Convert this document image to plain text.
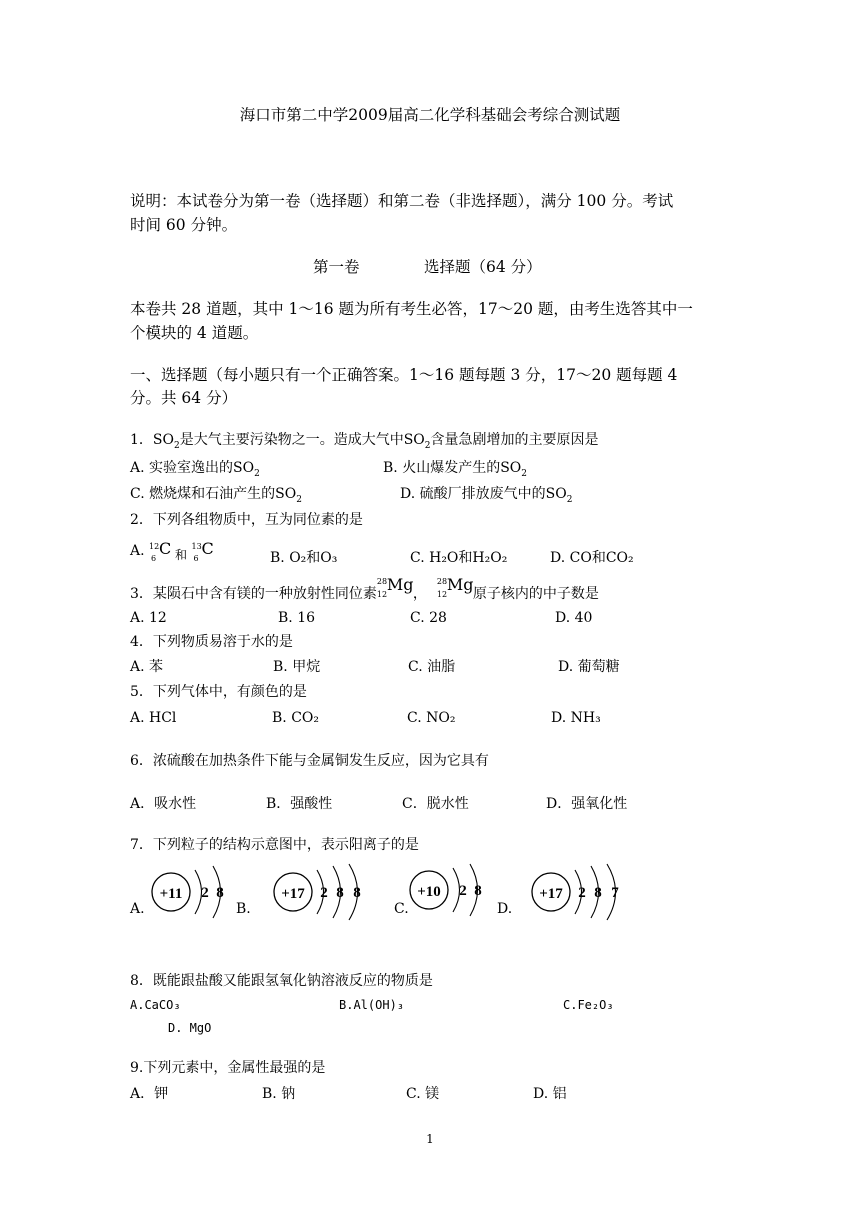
海口市第二中学2009届高二化学科基础会考综合测试题
说明：本试卷分为第一卷（选择题）和第二卷（非选择题），满分 100 分。考试
时间 60 分钟。
第一卷	选择题（64 分）
本卷共 28 道题，其中 1～16 题为所有考生必答，17～20 题，由考生选答其中一
个模块的 4 道题。
一、选择题（每小题只有一个正确答案。1～16 题每题 3 分，17～20 题每题 4
分。共 64 分）
1．$SO_2$是大气主要污染物之一。造成大气中$SO_2$含量急剧增加的主要原因是
A. 实验室逸出的$SO_2$	B. 火山爆发产生的$SO_2$
C. 燃烧煤和石油产生的$SO_2$	D. 硫酸厂排放废气中的$SO_2$
2．下列各组物质中，互为同位素的是
A. 12
6
C 和
13
6
C	B. O₂和O₃	C. H₂O和H₂O₂	D. CO和CO₂
3．某陨石中含有镁的一种放射性同位素
28
12
Mg ，
28
12
Mg 原子核内的中子数是
A. 12	B. 16	C. 28	D. 40
4．下列物质易溶于水的是
A. 苯	B. 甲烷	C. 油脂	D. 葡萄糖
5．下列气体中，有颜色的是
A. HCl	B. CO₂	C. NO₂	D. NH₃
6．浓硫酸在加热条件下能与金属铜发生反应，因为它具有
A．吸水性	B．强酸性	C．脱水性	D．强氧化性
7．下列粒子的结构示意图中，表示阳离子的是
A.	B.	C.	D.
+11 2 8	+17 2 8 8	+10 2 8	+17 2 8 7
8．既能跟盐酸又能跟氢氧化钠溶液反应的物质是
A.CaCO₃	B.Al(OH)₃	C.Fe₂O₃
D. MgO
9.下列元素中，金属性最强的是
A．钾	B. 钠	C. 镁	D. 铝
1
